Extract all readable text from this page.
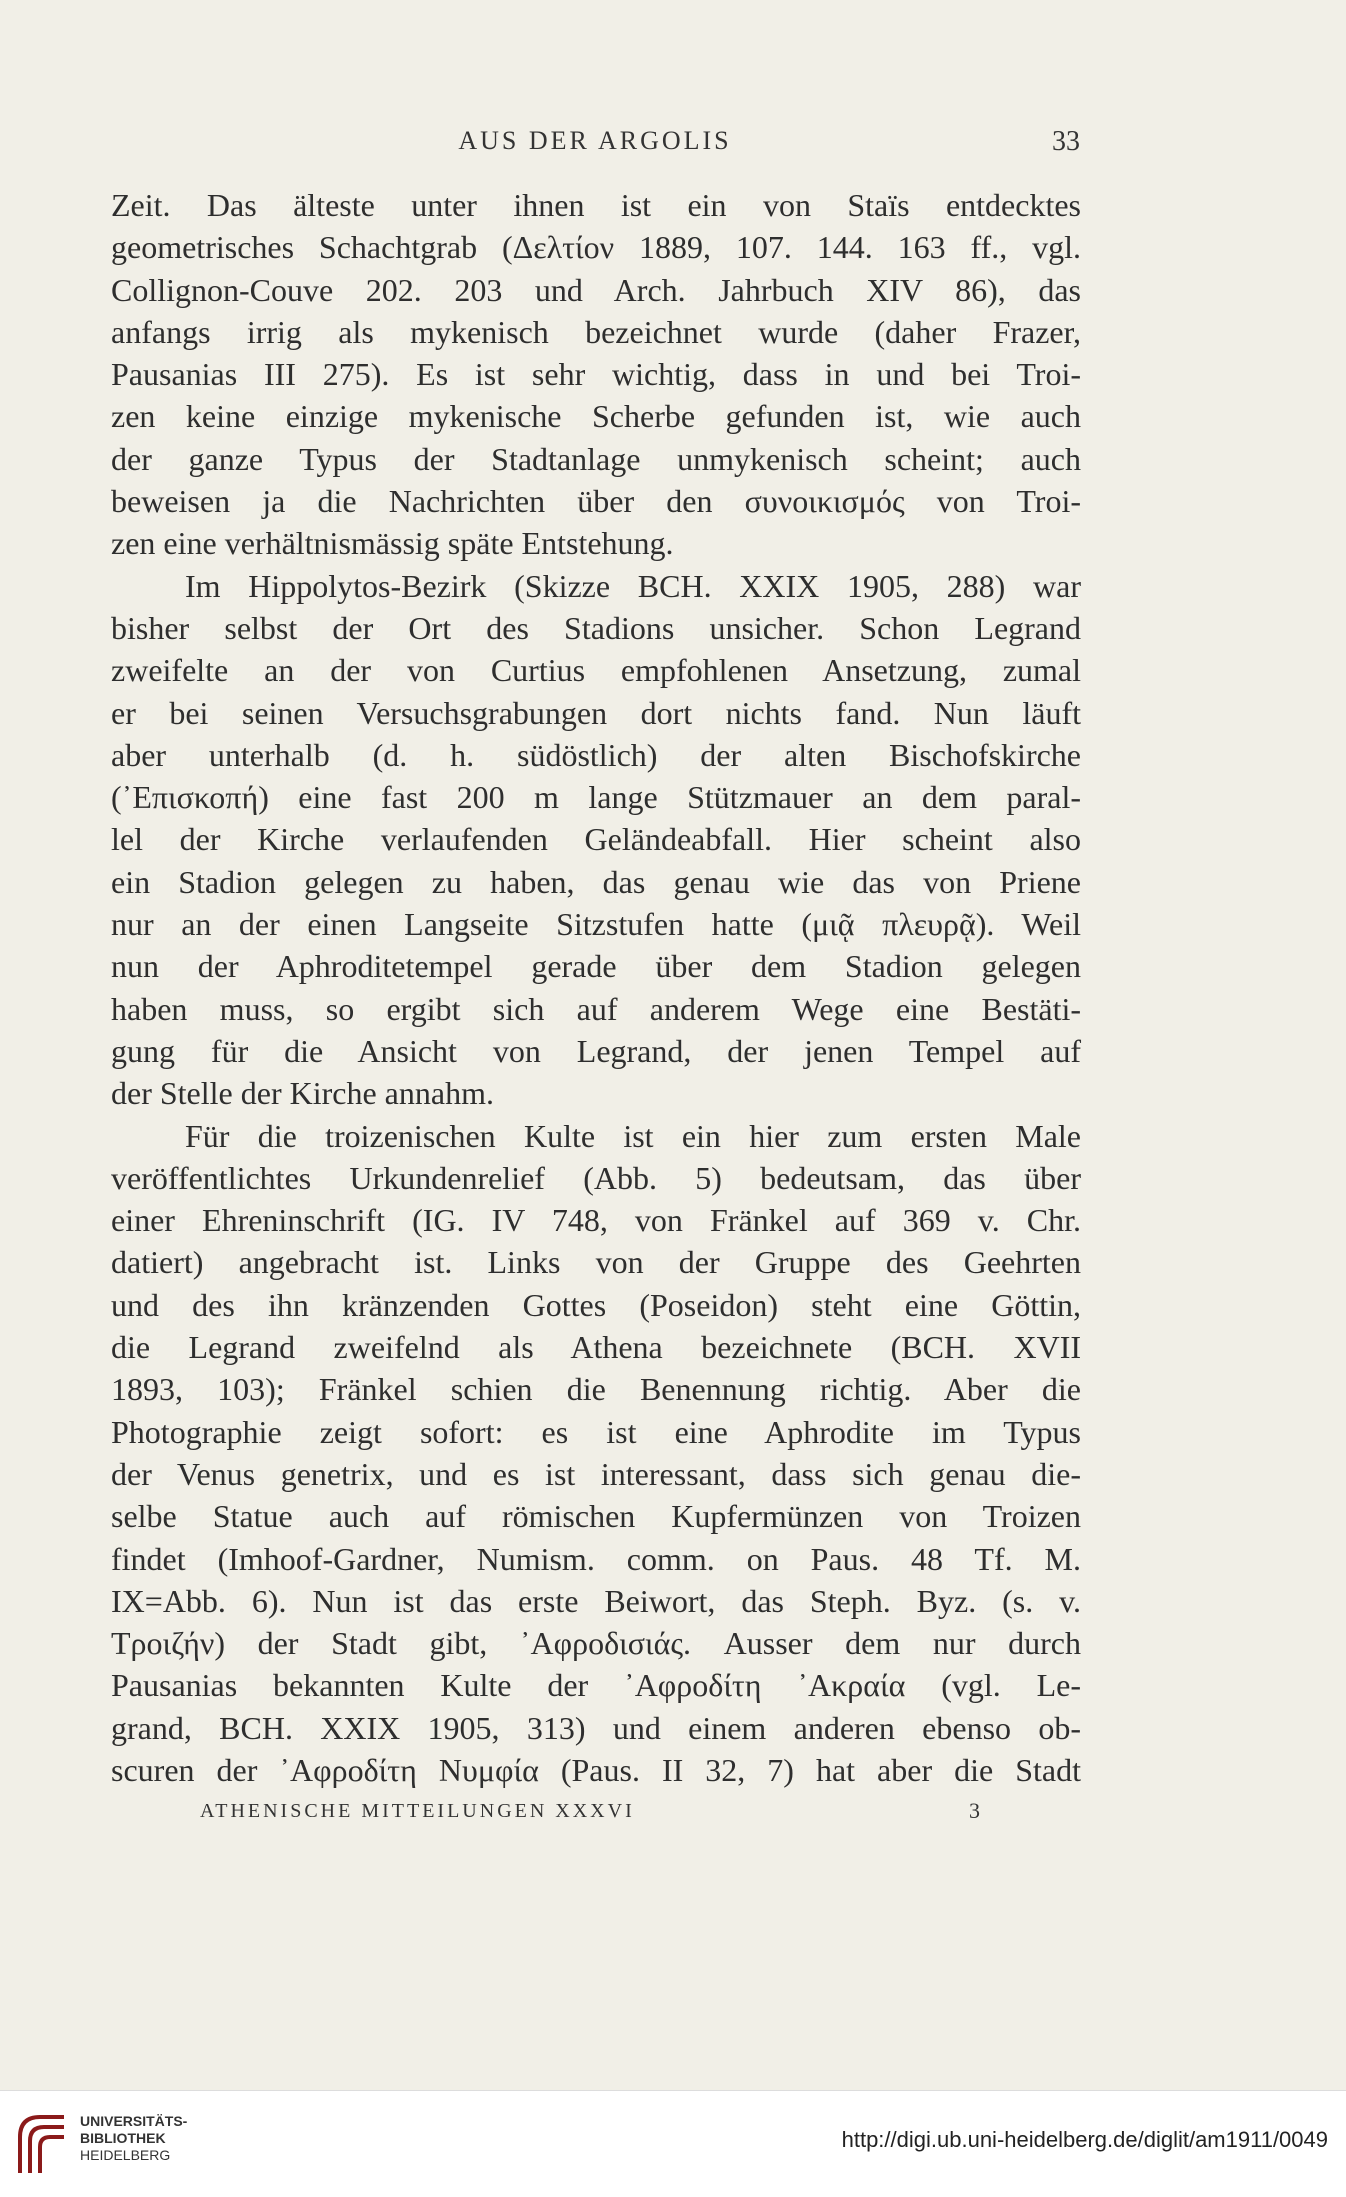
AUS DER ARGOLIS	33
Zeit. Das älteste unter ihnen ist ein von Staïs entdecktes
geometrisches Schachtgrab (Δελτίον 1889, 107. 144. 163 ff., vgl.
Collignon-Couve 202. 203 und Arch. Jahrbuch XIV 86), das
anfangs irrig als mykenisch bezeichnet wurde (daher Frazer,
Pausanias III 275). Es ist sehr wichtig, dass in und bei Troi-
zen keine einzige mykenische Scherbe gefunden ist, wie auch
der ganze Typus der Stadtanlage unmykenisch scheint; auch
beweisen ja die Nachrichten über den συνοικισμός von Troi-
zen eine verhältnismässig späte Entstehung.
Im Hippolytos-Bezirk (Skizze BCH. XXIX 1905, 288) war
bisher selbst der Ort des Stadions unsicher. Schon Legrand
zweifelte an der von Curtius empfohlenen Ansetzung, zumal
er bei seinen Versuchsgrabungen dort nichts fand. Nun läuft
aber unterhalb (d. h. südöstlich) der alten Bischofskirche
(᾿Επισκοπή) eine fast 200 m lange Stützmauer an dem paral-
lel der Kirche verlaufenden Geländeabfall. Hier scheint also
ein Stadion gelegen zu haben, das genau wie das von Priene
nur an der einen Langseite Sitzstufen hatte (μιᾷ πλευρᾷ). Weil
nun der Aphroditetempel gerade über dem Stadion gelegen
haben muss, so ergibt sich auf anderem Wege eine Bestäti-
gung für die Ansicht von Legrand, der jenen Tempel auf
der Stelle der Kirche annahm.
Für die troizenischen Kulte ist ein hier zum ersten Male
veröffentlichtes Urkundenrelief (Abb. 5) bedeutsam, das über
einer Ehreninschrift (IG. IV 748, von Fränkel auf 369 v. Chr.
datiert) angebracht ist. Links von der Gruppe des Geehrten
und des ihn kränzenden Gottes (Poseidon) steht eine Göttin,
die Legrand zweifelnd als Athena bezeichnete (BCH. XVII
1893, 103); Fränkel schien die Benennung richtig. Aber die
Photographie zeigt sofort: es ist eine Aphrodite im Typus
der Venus genetrix, und es ist interessant, dass sich genau die-
selbe Statue auch auf römischen Kupfermünzen von Troizen
findet (Imhoof-Gardner, Numism. comm. on Paus. 48 Tf. M.
IX=Abb. 6). Nun ist das erste Beiwort, das Steph. Byz. (s. v.
Τροιζήν) der Stadt gibt, ᾿Αφροδισιάς. Ausser dem nur durch
Pausanias bekannten Kulte der ᾿Αφροδίτη ᾿Ακραία (vgl. Le-
grand, BCH. XXIX 1905, 313) und einem anderen ebenso ob-
scuren der ᾿Αφροδίτη Νυμφία (Paus. II 32, 7) hat aber die Stadt
ATHENISCHE MITTEILUNGEN XXXVI	3
UNIVERSITÄTS-
BIBLIOTHEK
HEIDELBERG
http://digi.ub.uni-heidelberg.de/diglit/am1911/0049
